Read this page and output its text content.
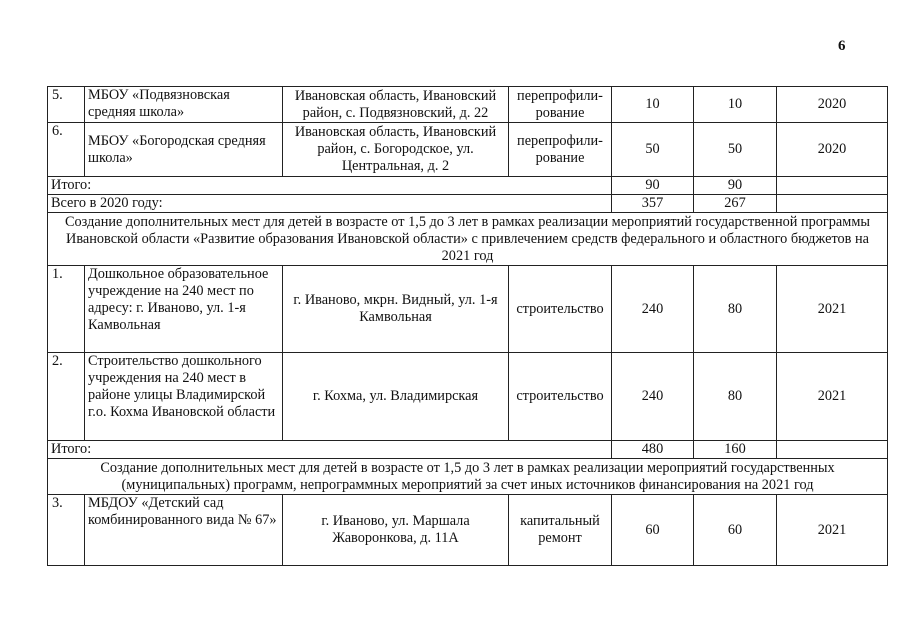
6
5.	МБОУ «Подвязновская средняя школа»	Ивановская область, Ивановский район, с. Подвязновский, д. 22	перепрофили-рование	10	10	2020
6.	МБОУ «Богородская средняя школа»	Ивановская область, Ивановский район, с. Богородское, ул. Центральная, д. 2	перепрофили-рование	50	50	2020
Итого:				90	90	
Всего в 2020 году:				357	267	
Создание дополнительных мест для детей в возрасте от 1,5 до 3 лет в рамках реализации мероприятий государственной программы Ивановской области «Развитие образования Ивановской области» с привлечением средств федерального и областного бюджетов на 2021 год						
1.	Дошкольное образовательное учреждение на 240 мест по адресу: г. Иваново, ул. 1-я Камвольная	г. Иваново, мкрн. Видный, ул. 1-я Камвольная	строительство	240	80	2021
2.	Строительство дошкольного учреждения на 240 мест в районе улицы Владимирской г.о. Кохма Ивановской области	г. Кохма, ул. Владимирская	строительство	240	80	2021
Итого:				480	160	
Создание дополнительных мест для детей в возрасте от 1,5 до 3 лет в рамках реализации мероприятий государственных (муниципальных) программ, непрограммных мероприятий за счет иных источников финансирования на 2021 год						
3.	МБДОУ «Детский сад комбинированного вида № 67»	г. Иваново, ул. Маршала Жаворонкова, д. 11А	капитальный ремонт	60	60	2021
